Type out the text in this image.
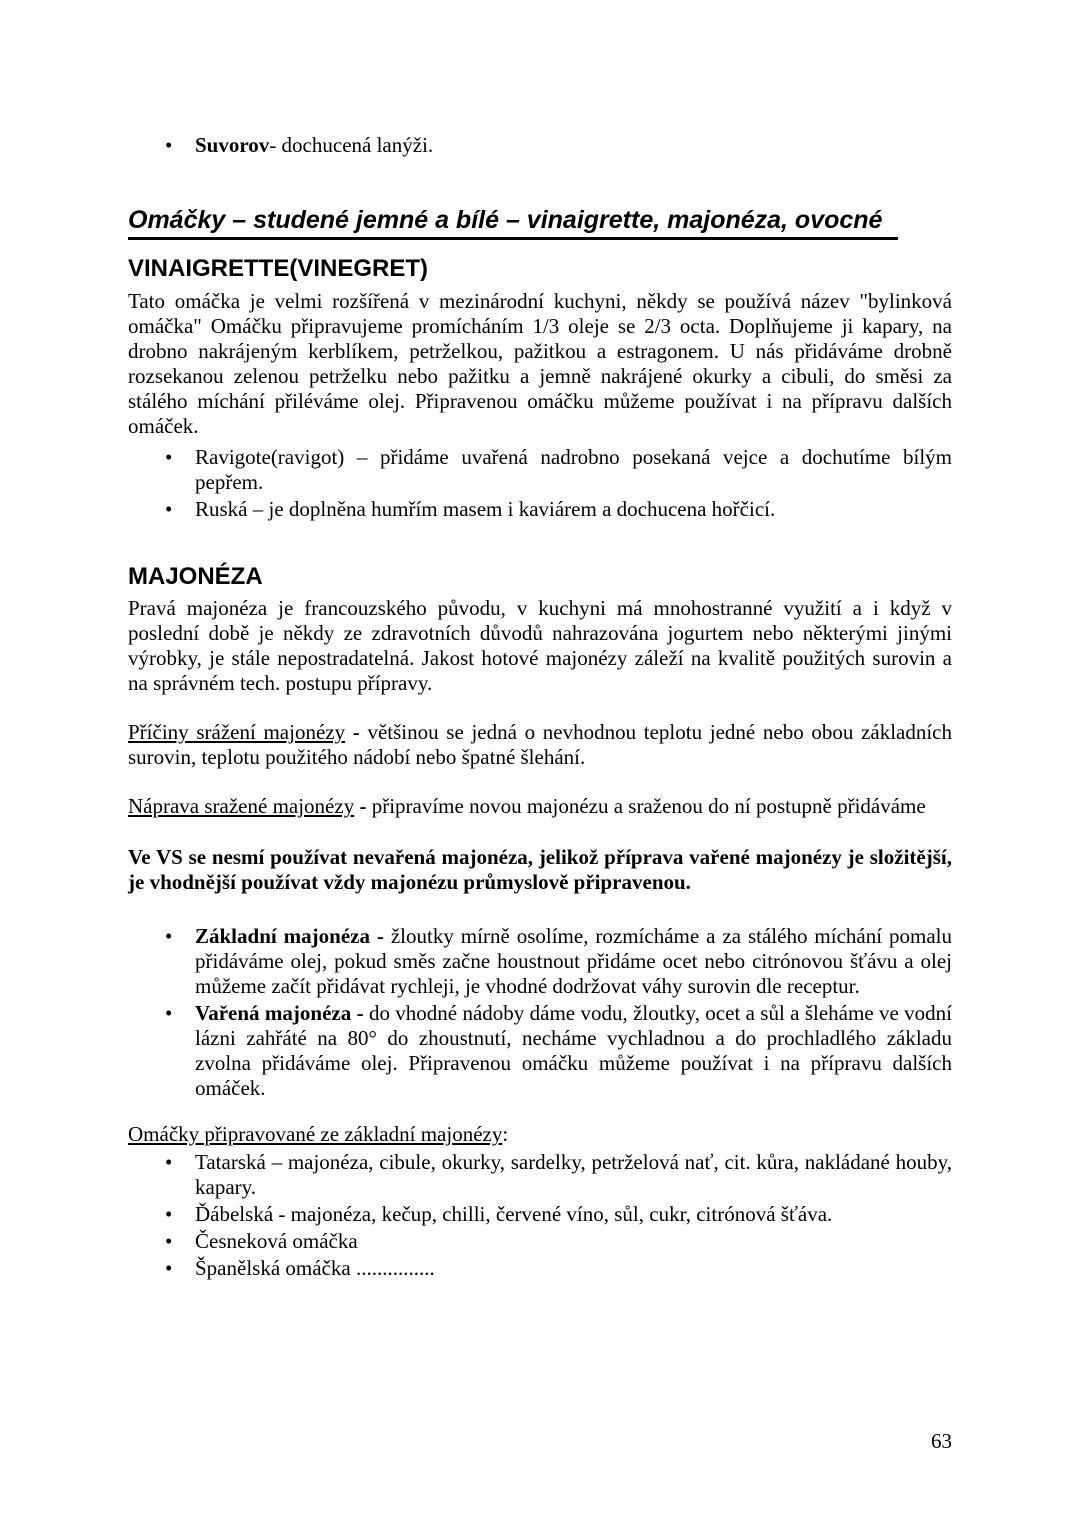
• Suvorov- dochucená lanýži.
Omáčky – studené jemné a bílé – vinaigrette, majonéza, ovocné
VINAIGRETTE(VINEGRET)

Tato omáčka je velmi rozšířená v mezinárodní kuchyni, někdy se používá název "bylinková omáčka" Omáčku připravujeme promícháním 1/3 oleje se 2/3 octa. Doplňujeme ji kapary, na drobno nakrájeným kerblíkem, petrželkou, pažitkou a estragonem. U nás přidáváme drobně rozsekanou zelenou petrželku nebo pažitku a jemně nakrájené okurky a cibuli, do směsi za stálého míchání přiléváme olej. Připravenou omáčku můžeme používat i na přípravu dalších omáček.

• Ravigote(ravigot) – přidáme uvařená nadrobno posekaná vejce a dochutíme bílým pepřem.
• Ruská – je doplněna humřím masem i kaviárem a dochucena hořčicí.
MAJONÉZA

Pravá majonéza je francouzského původu, v kuchyni má mnohostranné využití a i když v poslední době je někdy ze zdravotních důvodů nahrazována jogurtem nebo některými jinými výrobky, je stále nepostradatelná. Jakost hotové majonézy záleží na kvalitě použitých surovin a na správném tech. postupu přípravy.

Příčiny srážení majonézy - většinou se jedná o nevhodnou teplotu jedné nebo obou základních surovin, teplotu použitého nádobí nebo špatné šlehání.

Náprava sražené majonézy - připravíme novou majonézu a sraženou do ní postupně přidáváme

Ve VS se nesmí používat nevařená majonéza, jelikož příprava vařené majonézy je složitější, je vhodnější používat vždy majonézu průmyslově připravenou.

• Základní majonéza - žloutky mírně osolíme, rozmícháme a za stálého míchání pomalu přidáváme olej, pokud směs začne houstnout přidáme ocet nebo citrónovou šťávu a olej můžeme začít přidávat rychleji, je vhodné dodržovat váhy surovin dle receptur.
• Vařená majonéza - do vhodné nádoby dáme vodu, žloutky, ocet a sůl a šleháme ve vodní lázni zahřáté na 80° do zhoustnutí, necháme vychladnou a do prochladlého základu zvolna přidáváme olej. Připravenou omáčku můžeme používat i na přípravu dalších omáček.

Omáčky připravované ze základní majonézy:

• Tatarská – majonéza, cibule, okurky, sardelky, petrželová nať, cit. kůra, nakládané houby, kapary.
• Ďábelská - majonéza, kečup, chilli, červené víno, sůl, cukr, citrónová šťáva.
• Česneková omáčka
• Španělská omáčka ...............
63
